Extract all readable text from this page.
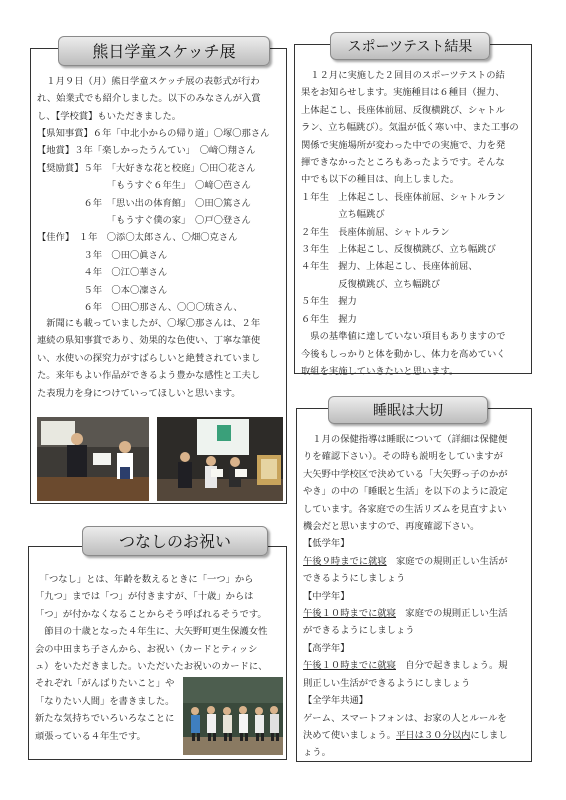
　１月９日（月）熊日学童スケッチ展の表彰式が行わ
れ、始業式でも紹介しました。以下のみなさんが入賞
し、【学校賞】もいただきました。
【県知事賞】６年「中北小からの帰り道」〇塚〇那さん
【地賞】３年「楽しかったうんてい」　〇﨑〇翔さん
【奨励賞】５年　「大好きな花と校庭」〇田〇花さん
　　　　　　　　「もうすぐ６年生」　〇﨑〇芭さん
　　　　　６年　「思い出の体育館」　〇田〇篤さん
　　　　　　　　「もうすぐ僕の家」　〇戸〇登さん
【佳作】　１年　〇添〇太郎さん、〇畑〇克さん
　　　　　３年　〇田〇眞さん
　　　　　４年　〇江〇華さん
　　　　　５年　〇本〇凜さん
　　　　　６年　〇田〇那さん、〇〇〇琉さん、
　新聞にも載っていましたが、〇塚〇那さんは、２年
連続の県知事賞であり、効果的な色使い、丁寧な筆使
い、水使いの探究力がすばらしいと絶賛されていまし
た。来年もよい作品ができるよう豊かな感性と工夫し
た表現力を身につけていってほしいと思います。
熊日学童スケッチ展
　「つなし」とは、年齢を数えるときに「一つ」から
「九つ」までは「つ」が付きますが、「十歳」からは
「つ」が付かなくなることからそう呼ばれるそうです。
　節目の十歳となった４年生に、大矢野町更生保護女性
会の中田まち子さんから、お祝い（カードとティッシ
ュ）をいただきました。いただいたお祝いのカードに、
それぞれ「がんばりたいこと」や
「なりたい人間」を書きました。
新たな気持ちでいろいろなことに
頑張っている４年生です。
つなしのお祝い
　１２月に実施した２回目のスポーツテストの結
果をお知らせします。実施種目は６種目（握力、
上体起こし、長座体前屈、反復横跳び、シャトル
ラン、立ち幅跳び）。気温が低く寒い中、また工事の
関係で実施場所が変わった中での実施で、力を発
揮できなかったところもあったようです。そんな
中でも以下の種目は、向上しました。
１年生　上体起こし、長座体前屈、シャトルラン
　　　　立ち幅跳び
２年生　長座体前屈、シャトルラン
３年生　上体起こし、反復横跳び、立ち幅跳び
４年生　握力、上体起こし、長座体前屈、
　　　　反復横跳び、立ち幅跳び
５年生　握力
６年生　握力
　県の基準値に達していない項目もありますので
今後もしっかりと体を動かし、体力を高めていく
取組を実施していきたいと思います。
スポーツテスト結果
　１月の保健指導は睡眠について（詳細は保健便
りを確認下さい）。その時も説明をしていますが
大矢野中学校区で決めている「大矢野っ子のかが
やき」の中の「睡眠と生活」を以下のように設定
しています。各家庭での生活リズムを見直すよい
機会だと思いますので、再度確認下さい。
【低学年】
午後９時までに就寝　家庭での規則正しい生活が
できるようにしましょう
【中学年】
午後１０時までに就寝　家庭での規則正しい生活
ができるようにしましょう
【高学年】
午後１０時までに就寝　自分で起きましょう。規
則正しい生活ができるようにしましょう
【全学年共通】
ゲーム、スマートフォンは、お家の人とルールを
決めて使いましょう。平日は３０分以内にしまし
ょう。
睡眠は大切
